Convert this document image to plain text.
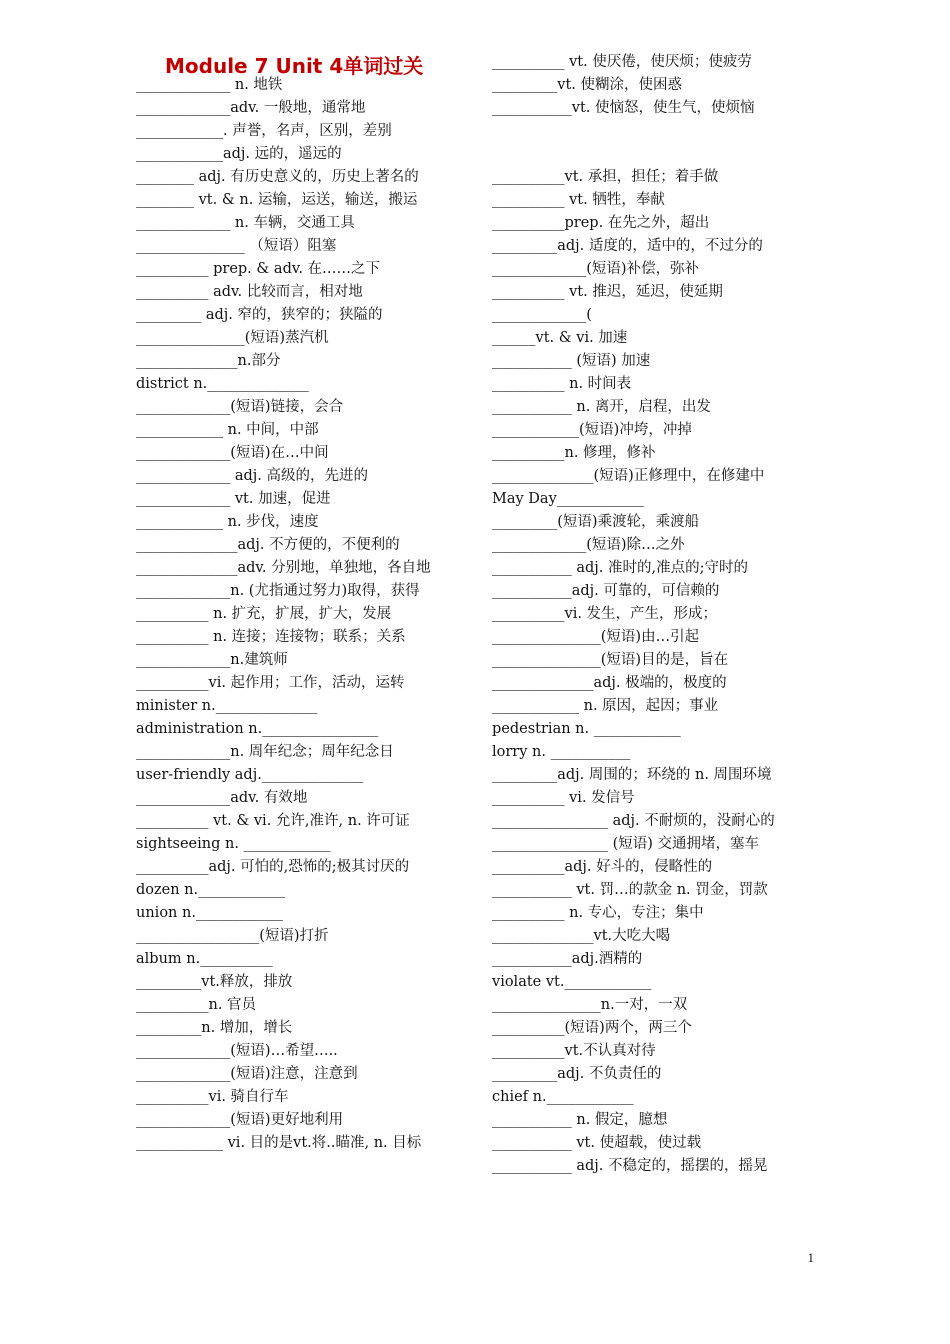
Module 7 Unit 4单词过关
_____________ n. 地铁
_____________adv. 一般地，通常地
____________. 声誉，名声，区别，差别
____________adj. 远的，遥远的
________ adj. 有历史意义的，历史上著名的
________ vt. & n. 运输，运送，输送，搬运
_____________ n. 车辆，交通工具
_______________ （短语）阻塞
__________ prep. & adv. 在……之下
__________ adv. 比较而言，相对地
_________ adj. 窄的，狭窄的；狭隘的
_______________(短语)蒸汽机
______________n.部分
district n.______________
_____________(短语)链接，会合
____________ n. 中间，中部
_____________(短语)在…中间
_____________ adj. 高级的，先进的
_____________ vt. 加速，促进
____________ n. 步伐，速度
______________adj. 不方便的，不便利的
______________adv. 分别地，单独地，各自地
_____________n. (尤指通过努力)取得，获得
__________ n. 扩充，扩展，扩大，发展
__________ n. 连接；连接物；联系；关系
_____________n.建筑师
__________vi. 起作用；工作，活动，运转
minister n.______________
administration n.________________
_____________n. 周年纪念；周年纪念日
user-friendly adj.______________
_____________adv. 有效地
__________ vt. & vi. 允许,准许, n. 许可证
sightseeing n. ____________
__________adj. 可怕的,恐怖的;极其讨厌的
dozen n.____________
union n.____________
_________________(短语)打折
album n.__________
_________vt.释放，排放
__________n. 官员
_________n. 增加，增长
_____________(短语)…希望…..
_____________(短语)注意，注意到
__________vi. 骑自行车
_____________(短语)更好地利用
____________ vi. 目的是vt.将..瞄准, n. 目标
__________ vt. 使厌倦，使厌烦；使疲劳
_________vt. 使糊涂，使困惑
___________vt. 使恼怒，使生气，使烦恼

__________vt. 承担，担任；着手做
__________ vt. 牺牲，奉献
__________prep. 在先之外，超出
_________adj. 适度的，适中的，不过分的
_____________(短语)补偿，弥补
__________ vt. 推迟，延迟，使延期
_____________(
______vt. & vi. 加速
___________ (短语) 加速
__________ n. 时间表
___________ n. 离开，启程，出发
____________(短语)冲垮，冲掉
__________n. 修理，修补
______________(短语)正修理中，在修建中
May Day____________
_________(短语)乘渡轮，乘渡船
_____________(短语)除…之外
___________ adj. 准时的,准点的;守时的
___________adj. 可靠的，可信赖的
__________vi. 发生，产生，形成；
_______________(短语)由…引起
_______________(短语)目的是，旨在
______________adj. 极端的，极度的
____________ n. 原因，起因；事业
pedestrian n. ____________
lorry n. ___________
_________adj. 周围的；环绕的 n. 周围环境
__________ vi. 发信号
________________ adj. 不耐烦的，没耐心的
________________ (短语) 交通拥堵，塞车
__________adj. 好斗的，侵略性的
___________ vt. 罚…的款金 n. 罚金，罚款
__________ n. 专心，专注；集中
______________vt.大吃大喝
___________adj.酒精的
violate vt.____________
_______________n.一对，一双
__________(短语)两个，两三个
__________vt.不认真对待
_________adj. 不负责任的
chief n.____________
___________ n. 假定，臆想
___________ vt. 使超载，使过载
___________ adj. 不稳定的，摇摆的，摇晃
1
